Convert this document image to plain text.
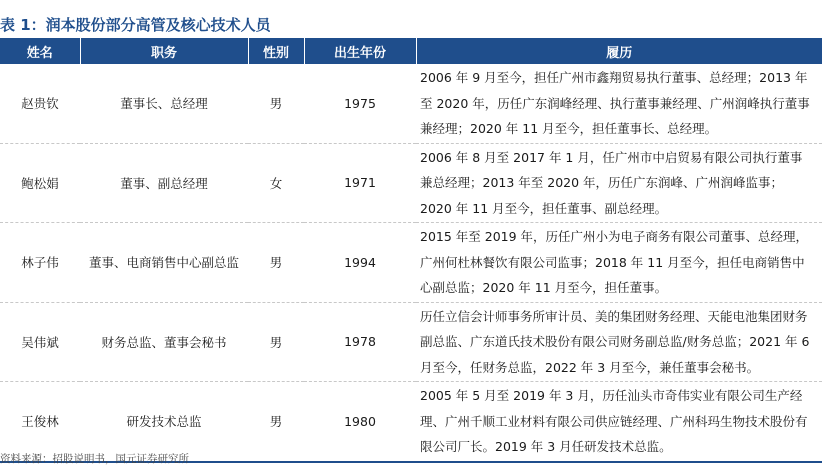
表 1：润本股份部分高管及核心技术人员
姓名	职务	性别	出生年份	履历
赵贵钦	董事长、总经理	男	1975	2006 年 9 月至今，担任广州市鑫翔贸易执行董事、总经理；2013 年至 2020 年，历任广东润峰经理、执行董事兼经理、广州润峰执行董事兼经理；2020 年 11 月至今，担任董事长、总经理。
鲍松娟	董事、副总经理	女	1971	2006 年 8 月至 2017 年 1 月，任广州市中启贸易有限公司执行董事兼总经理；2013 年至 2020 年，历任广东润峰、广州润峰监事；2020 年 11 月至今，担任董事、副总经理。
林子伟	董事、电商销售中心副总监	男	1994	2015 年至 2019 年，历任广州小为电子商务有限公司董事、总经理，广州何杜林餐饮有限公司监事；2018 年 11 月至今，担任电商销售中心副总监；2020 年 11 月至今，担任董事。
吴伟斌	财务总监、董事会秘书	男	1978	历任立信会计师事务所审计员、美的集团财务经理、天能电池集团财务副总监、广东道氏技术股份有限公司财务副总监/财务总监；2021 年 6 月至今，任财务总监，2022 年 3 月至今，兼任董事会秘书。
王俊林	研发技术总监	男	1980	2005 年 5 月至 2019 年 3 月，历任汕头市奇伟实业有限公司生产经理、广州千顺工业材料有限公司供应链经理、广州科玛生物技术股份有限公司厂长。2019 年 3 月任研发技术总监。
资料来源：招股说明书，国元证券研究所
